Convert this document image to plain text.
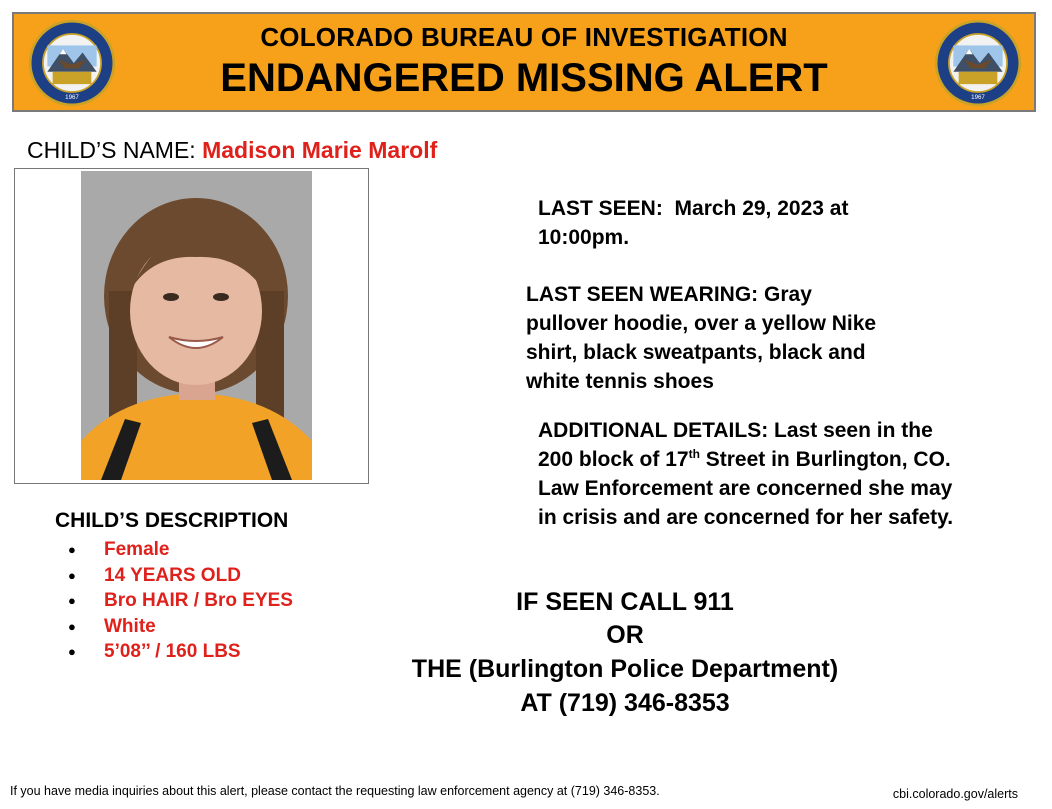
1967
COLORADO BUREAU OF INVESTIGATION
ENDANGERED MISSING ALERT	1967
CHILD’S NAME: Madison Marie Marolf
LAST SEEN: March 29, 2023 at
10:00pm.
LAST SEEN WEARING: Gray
pullover hoodie, over a yellow Nike
shirt, black sweatpants, black and
white tennis shoes
ADDITIONAL DETAILS: Last seen in the
200 block of 17th Street in Burlington, CO.
Law Enforcement are concerned she may
in crisis and are concerned for her safety.
CHILD’S DESCRIPTION
● Female
● 14 YEARS OLD
● Bro HAIR / Bro EYES
● White
● 5’08’’ / 160 LBS
IF SEEN CALL 911
OR
THE (Burlington Police Department)
AT (719) 346-8353
If you have media inquiries about this alert, please contact the requesting law enforcement agency at (719) 346-8353.	cbi.colorado.gov/alerts
